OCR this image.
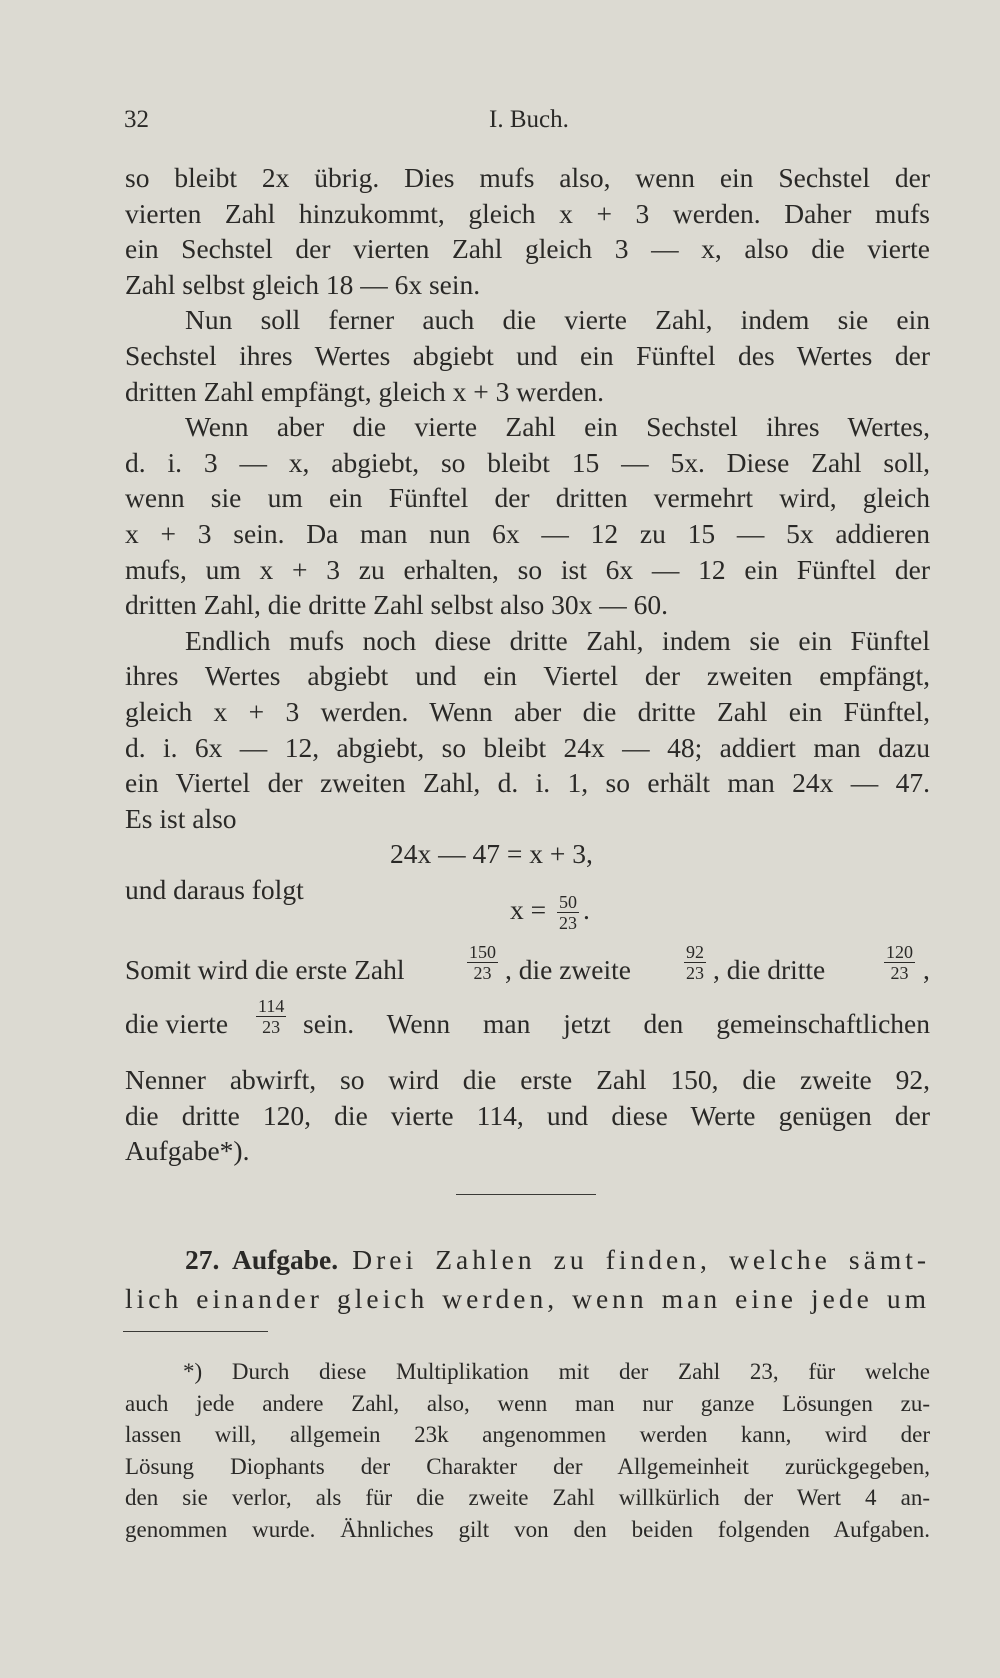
32	I. Buch.
so bleibt 2x übrig. Dies mufs also, wenn ein Sechstel der
vierten Zahl hinzukommt, gleich x + 3 werden. Daher mufs
ein Sechstel der vierten Zahl gleich 3 — x, also die vierte
Zahl selbst gleich 18 — 6x sein.
Nun soll ferner auch die vierte Zahl, indem sie ein
Sechstel ihres Wertes abgiebt und ein Fünftel des Wertes der
dritten Zahl empfängt, gleich x + 3 werden.
Wenn aber die vierte Zahl ein Sechstel ihres Wertes,
d. i. 3 — x, abgiebt, so bleibt 15 — 5x. Diese Zahl soll,
wenn sie um ein Fünftel der dritten vermehrt wird, gleich
x + 3 sein. Da man nun 6x — 12 zu 15 — 5x addieren
mufs, um x + 3 zu erhalten, so ist 6x — 12 ein Fünftel der
dritten Zahl, die dritte Zahl selbst also 30x — 60.
Endlich mufs noch diese dritte Zahl, indem sie ein Fünftel
ihres Wertes abgiebt und ein Viertel der zweiten empfängt,
gleich x + 3 werden. Wenn aber die dritte Zahl ein Fünftel,
d. i. 6x — 12, abgiebt, so bleibt 24x — 48; addiert man dazu
ein Viertel der zweiten Zahl, d. i. 1, so erhält man 24x — 47.
Es ist also
24x — 47 = x + 3,
und daraus folgt
$x = \frac{50}{23}$ .
Somit wird die erste Zahl	$\frac{150}{23}$ , die zweite	$\frac{92}{23}$ , die dritte	$\frac{120}{23}$ ,
die vierte $\frac{114}{23}$ sein. Wenn man jetzt den gemeinschaftlichen
Nenner abwirft, so wird die erste Zahl 150, die zweite 92,
die dritte 120, die vierte 114, und diese Werte genügen der
Aufgabe*).
27. Aufgabe. Drei Zahlen zu finden, welche sämt-
lich einander gleich werden, wenn man eine jede um
*) Durch diese Multiplikation mit der Zahl 23, für welche
auch jede andere Zahl, also, wenn man nur ganze Lösungen zu-
lassen will, allgemein 23k angenommen werden kann, wird der
Lösung Diophants der Charakter der Allgemeinheit zurückgegeben,
den sie verlor, als für die zweite Zahl willkürlich der Wert 4 an-
genommen wurde. Ähnliches gilt von den beiden folgenden Aufgaben.
